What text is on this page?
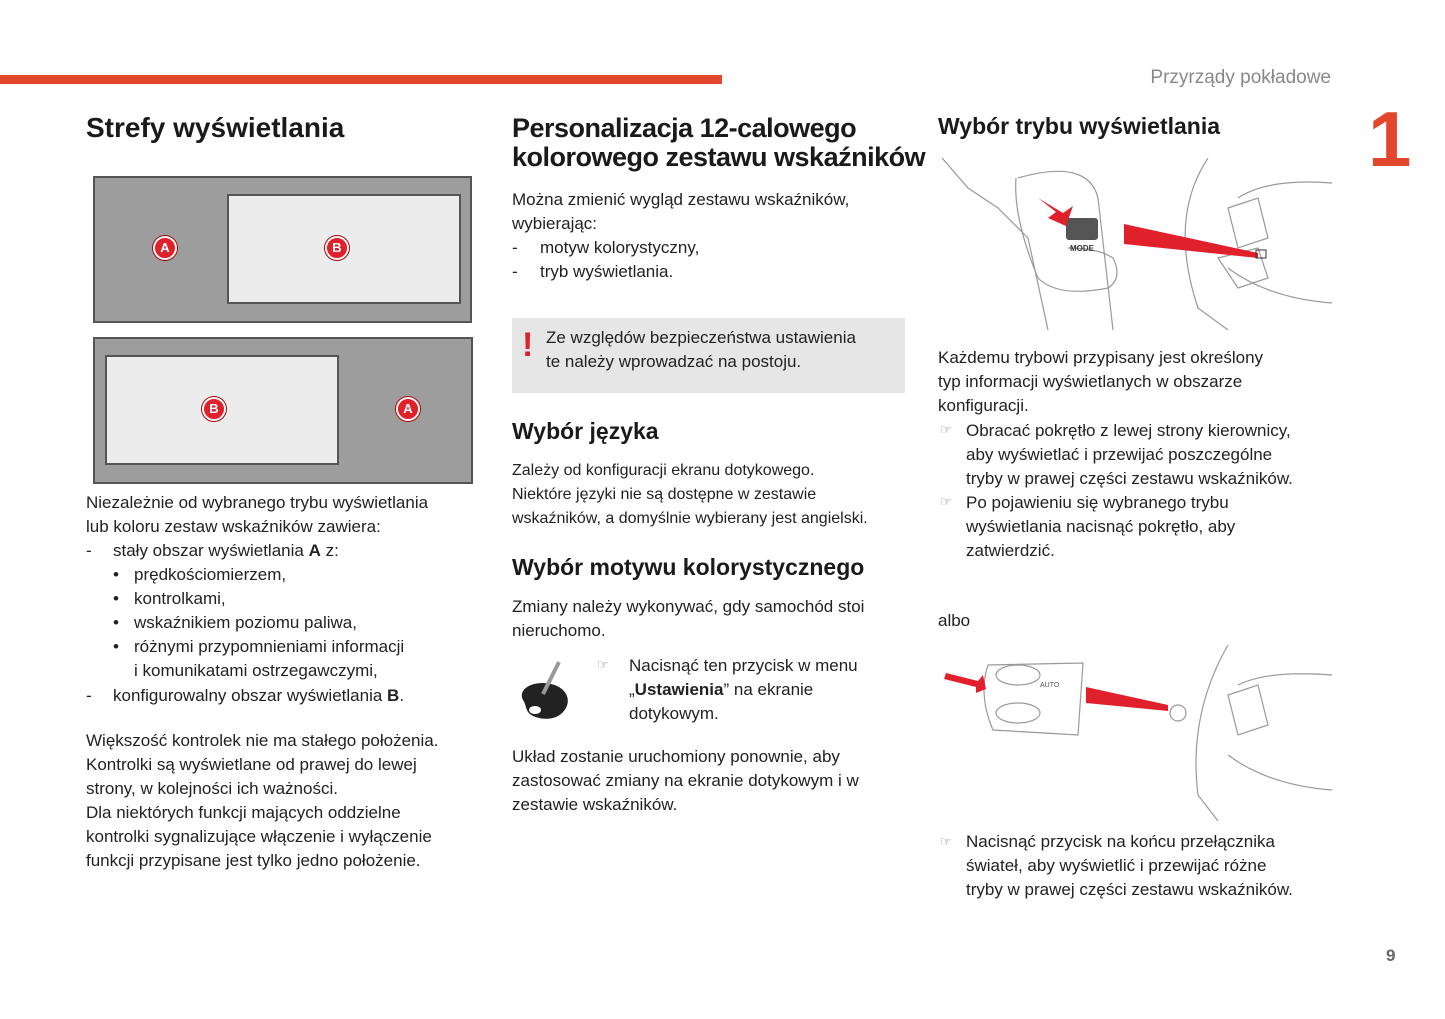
Przyrządy pokładowe
1
9
Strefy wyświetlania
A	B
B	A
Niezależnie od wybranego trybu wyświetlania
lub koloru zestaw wskaźników zawiera:
- stały obszar wyświetlania A z:
• prędkościomierzem,
• kontrolkami,
• wskaźnikiem poziomu paliwa,
• różnymi przypomnieniami informacji
i komunikatami ostrzegawczymi,
- konfigurowalny obszar wyświetlania B.
Większość kontrolek nie ma stałego położenia.
Kontrolki są wyświetlane od prawej do lewej
strony, w kolejności ich ważności.
Dla niektórych funkcji mających oddzielne
kontrolki sygnalizujące włączenie i wyłączenie
funkcji przypisane jest tylko jedno położenie.
Personalizacja 12-calowego
kolorowego zestawu wskaźników
Można zmienić wygląd zestawu wskaźników,
wybierając:
- motyw kolorystyczny,
- tryb wyświetlania.
! Ze względów bezpieczeństwa ustawienia
te należy wprowadzać na postoju.
Wybór języka
Zależy od konfiguracji ekranu dotykowego.
Niektóre języki nie są dostępne w zestawie
wskaźników, a domyślnie wybierany jest angielski.
Wybór motywu kolorystycznego
Zmiany należy wykonywać, gdy samochód stoi
nieruchomo.
☞ Nacisnąć ten przycisk w menu
„Ustawienia” na ekranie
dotykowym.
Układ zostanie uruchomiony ponownie, aby
zastosować zmiany na ekranie dotykowym i w
zestawie wskaźników.
Wybór trybu wyświetlania
MODE
Każdemu trybowi przypisany jest określony
typ informacji wyświetlanych w obszarze
konfiguracji.
☞ Obracać pokrętło z lewej strony kierownicy,
aby wyświetlać i przewijać poszczególne
tryby w prawej części zestawu wskaźników.
☞ Po pojawieniu się wybranego trybu
wyświetlania nacisnąć pokrętło, aby
zatwierdzić.
albo
AUTO
☞ Nacisnąć przycisk na końcu przełącznika
świateł, aby wyświetlić i przewijać różne
tryby w prawej części zestawu wskaźników.
